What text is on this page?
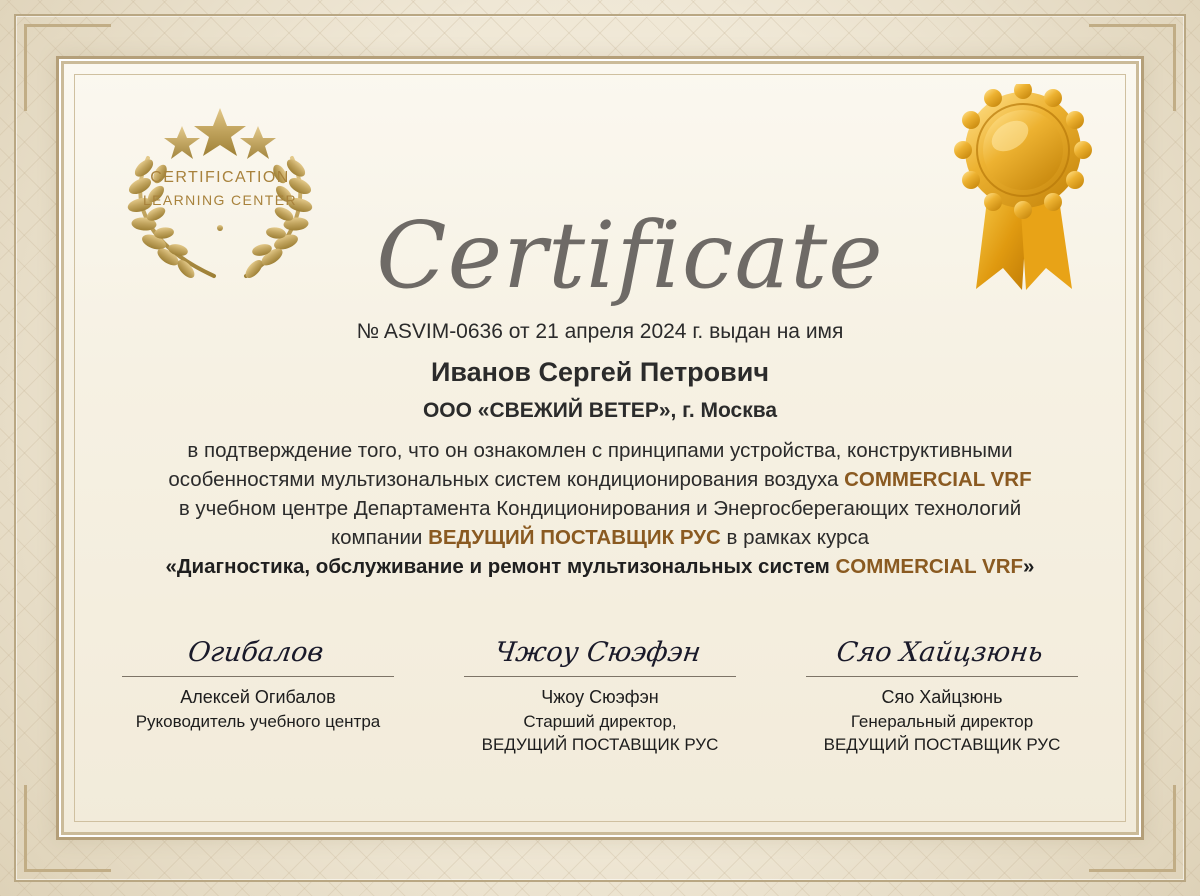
CERTIFICATION
LEARNING CENTER
Certificate
№ ASVIM-0636 от 21 апреля 2024 г. выдан на имя
Иванов Сергей Петрович
ООО «СВЕЖИЙ ВЕТЕР», г. Москва
в подтверждение того, что он ознакомлен с принципами устройства, конструктивными
особенностями мультизональных систем кондиционирования воздуха COMMERCIAL VRF
в учебном центре Департамента Кондиционирования и Энергосберегающих технологий
компании ВЕДУЩИЙ ПОСТАВЩИК РУС в рамках курса
«Диагностика, обслуживание и ремонт мультизональных систем COMMERCIAL VRF»
Огибалов
Алексей Огибалов
Руководитель учебного центра
Чжоу Сюэфэн
Чжоу Сюэфэн
Старший директор,
ВЕДУЩИЙ ПОСТАВЩИК РУС
Сяо Хайцзюнь
Сяо Хайцзюнь
Генеральный директор
ВЕДУЩИЙ ПОСТАВЩИК РУС
